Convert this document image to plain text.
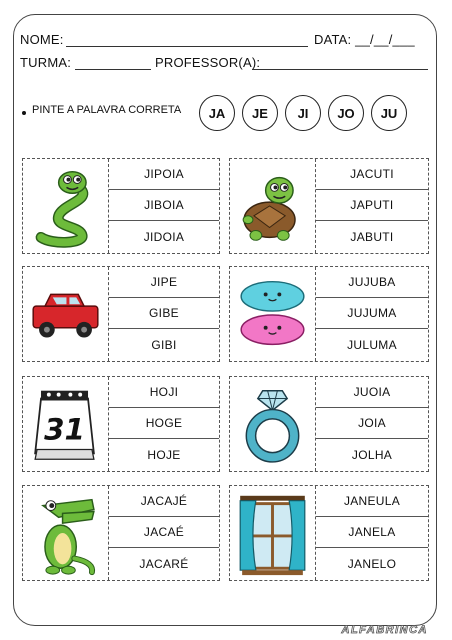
NOME:	DATA: __/__/___
TURMA:	PROFESSOR(A):
PINTE A PALAVRA CORRETA	JA	JE	JI	JO	JU
JIPOIA
JIBOIA
JIDOIA
JACUTI
JAPUTI
JABUTI
JIPE
GIBE
GIBI
JUJUBA
JUJUMA
JULUMA
31
HOJI
HOGE
HOJE
JUOIA
JOIA
JOLHA
JACAJÉ
JACAÉ
JACARÉ
JANEULA
JANELA
JANELO
ALFABRINCA
